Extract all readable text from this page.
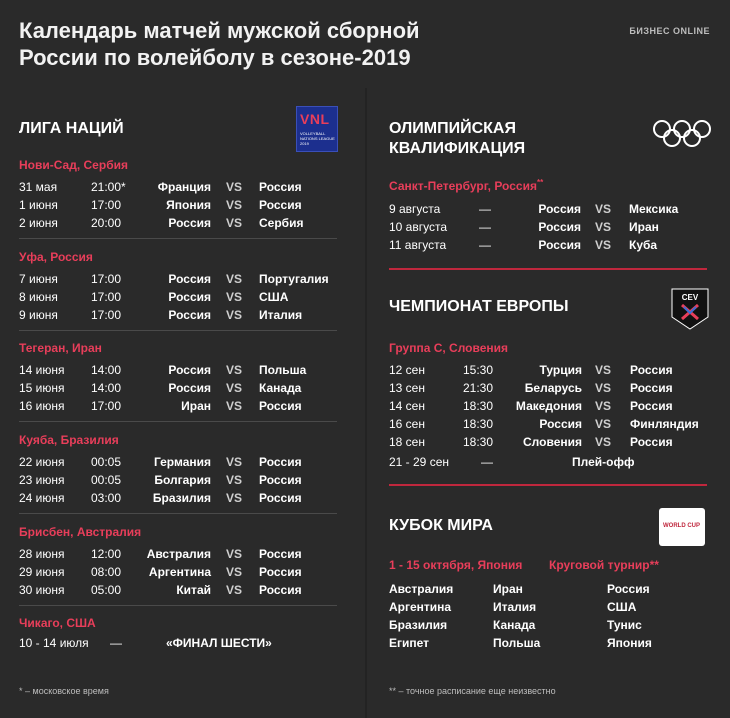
Календарь матчей мужской сборной
России по волейболу в сезоне-2019
БИЗНЕС ONLINE
ЛИГА НАЦИЙ
VNL
VOLLEYBALL NATIONS LEAGUE 2019
Нови-Сад, Сербия
31 мая	21:00*	Франция VS Россия
1 июня	17:00	Япония VS Россия
2 июня	20:00	Россия VS Сербия
Уфа, Россия
7 июня	17:00	Россия VS Португалия
8 июня	17:00	Россия VS США
9 июня	17:00	Россия VS Италия
Тегеран, Иран
14 июня 14:00	Россия VS Польша
15 июня 14:00	Россия VS Канада
16 июня 17:00	Иран VS Россия
Куяба, Бразилия
22 июня 00:05	Германия VS Россия
23 июня 00:05	Болгария VS Россия
24 июня 03:00	Бразилия VS Россия
Брисбен, Австралия
28 июня 12:00 Австралия VS Россия
29 июня 08:00 Аргентина VS Россия
30 июня 05:00	Китай VS Россия
Чикаго, США
10 - 14 июля —	«ФИНАЛ ШЕСТИ»
* – московское время
ОЛИМПИЙСКАЯ
КВАЛИФИКАЦИЯ
Санкт-Петербург, Россия**
9 августа	—	Россия VS Мексика
10 августа	—	Россия VS Иран
11 августа	—	Россия VS Куба
ЧЕМПИОНАТ ЕВРОПЫ
CEV
Группа С, Словения
12 сен	15:30	Турция VS Россия
13 сен	21:30	Беларусь VS Россия
14 сен	18:30 Македония VS Россия
16 сен	18:30	Россия VS Финляндия
18 сен	18:30 Словения VS Россия
21 - 29 сен	—	Плей-офф
КУБОК МИРА	WORLD CUP
1 - 15 октября, Япония Круговой турнир**
Австралия	Иран	Россия
Аргентина	Италия	США
Бразилия	Канада	Тунис
Египет	Польша	Япония
** – точное расписание еще неизвестно
